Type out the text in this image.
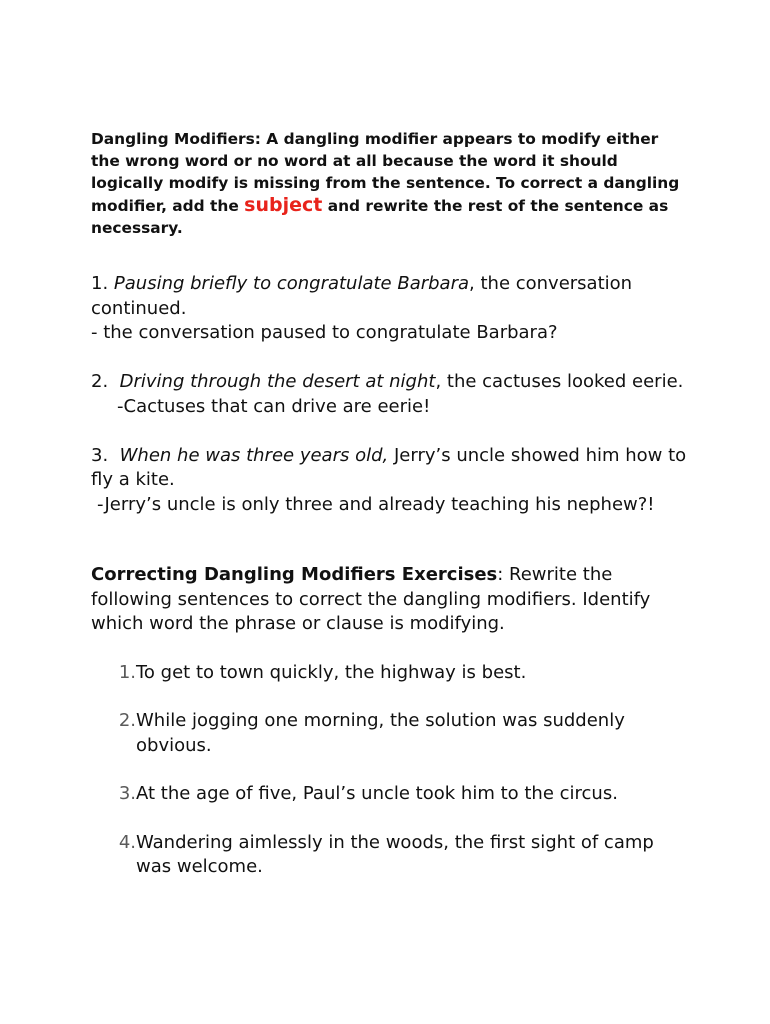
Dangling Modifiers: A dangling modifier appears to modify either the wrong word or no word at all because the word it should logically modify is missing from the sentence. To correct a dangling modifier, add the subject and rewrite the rest of the sentence as necessary.

1. Pausing briefly to congratulate Barbara, the conversation continued.

- the conversation paused to congratulate Barbara?

2.  Driving through the desert at night, the cactuses looked eerie.

-Cactuses that can drive are eerie!

3.  When he was three years old, Jerry’s uncle showed him how to fly a kite.

-Jerry’s uncle is only three and already teaching his nephew?!

Correcting Dangling Modifiers Exercises: Rewrite the following sentences to correct the dangling modifiers. Identify which word the phrase or clause is modifying.

1. To get to town quickly, the highway is best.
2. While jogging one morning, the solution was suddenly obvious.
3. At the age of five, Paul’s uncle took him to the circus.
4. Wandering aimlessly in the woods, the first sight of camp was welcome.
